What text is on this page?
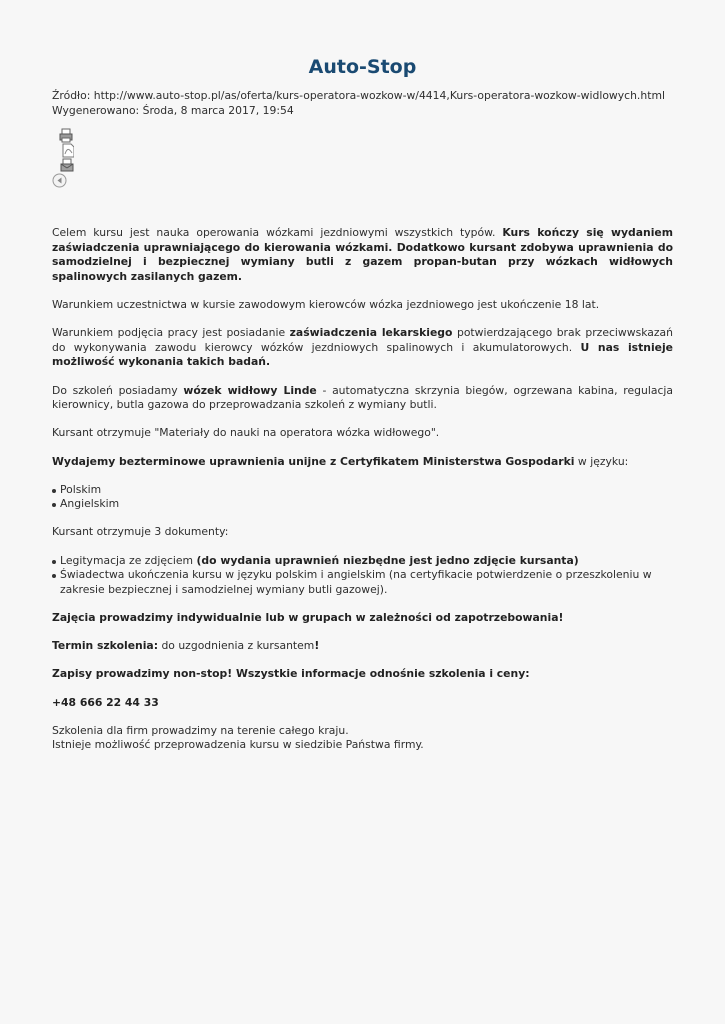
Auto-Stop
Źródło: http://www.auto-stop.pl/as/oferta/kurs-operatora-wozkow-w/4414,Kurs-operatora-wozkow-widlowych.html
Wygenerowano: Środa, 8 marca 2017, 19:54

Celem kursu jest nauka operowania wózkami jezdniowymi wszystkich typów. Kurs kończy się wydaniem zaświadczenia uprawniającego do kierowania wózkami. Dodatkowo kursant zdobywa uprawnienia do samodzielnej i bezpiecznej wymiany butli z gazem propan-butan przy wózkach widłowych spalinowych zasilanych gazem.

Warunkiem uczestnictwa w kursie zawodowym kierowców wózka jezdniowego jest ukończenie 18 lat.

Warunkiem podjęcia pracy jest posiadanie zaświadczenia lekarskiego potwierdzającego brak przeciwwskazań do wykonywania zawodu kierowcy wózków jezdniowych spalinowych i akumulatorowych. U nas istnieje możliwość wykonania takich badań.

Do szkoleń posiadamy wózek widłowy Linde - automatyczna skrzynia biegów, ogrzewana kabina, regulacja kierownicy, butla gazowa do przeprowadzania szkoleń z wymiany butli.

Kursant otrzymuje "Materiały do nauki na operatora wózka widłowego".

Wydajemy bezterminowe uprawnienia unijne z Certyfikatem Ministerstwa Gospodarki w języku:

Polskim
Angielskim

Kursant otrzymuje 3 dokumenty:

Legitymacja ze zdjęciem (do wydania uprawnień niezbędne jest jedno zdjęcie kursanta)
Świadectwa ukończenia kursu w języku polskim i angielskim (na certyfikacie potwierdzenie o przeszkoleniu w zakresie bezpiecznej i samodzielnej wymiany butli gazowej).

Zajęcia prowadzimy indywidualnie lub w grupach w zależności od zapotrzebowania!

Termin szkolenia: do uzgodnienia z kursantem!

Zapisy prowadzimy non-stop! Wszystkie informacje odnośnie szkolenia i ceny:

+48 666 22 44 33

Szkolenia dla firm prowadzimy na terenie całego kraju.
Istnieje możliwość przeprowadzenia kursu w siedzibie Państwa firmy.
